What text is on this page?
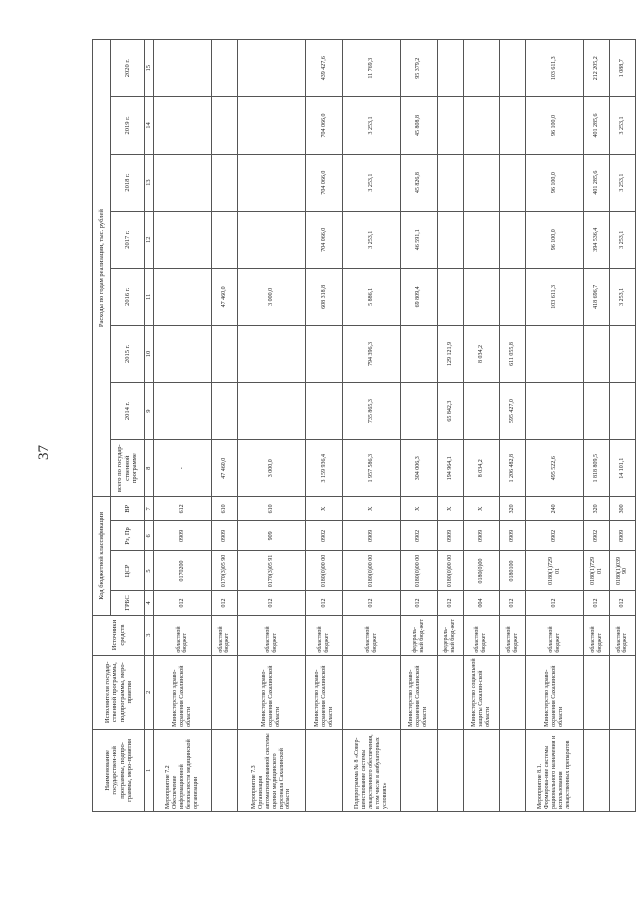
37
Наименование государствен-ной программы, подпро-граммы, меро-приятия	Исполнители государ-ственной программы, подпрограммы, меро-приятия	Источники средств	Код бюджетной классификации				Расходы по годам реализации, тыс. рублей							
			ГРБС	ЦСР	Рз, Пр	ВР	всего по государ-ственной программе	2014 г.	2015 г.	2016 г.	2017 г.	2018 г.	2019 г.	2020 г.
1	2	3	4	5	6	7	8	9	10	11	12	13	14	15
Мероприятие 7.2 Обеспечение информационной безопасности медицинской организации	Министерство здраво-охранения Сахалинской области	областной бюджет	012	0170200	0909	612	-							
		областной бюджет	012	0170(3)05 90	0909	610	47 460,0			47 460,0				
Мероприятие 7.3 Организация автоматизированной системы оценки медицинского персонала Сахалинской области	Министерство здраво-охранения Сахалинской области	областной бюджет	012	0170(3)05 91	909	610	3 000,0			3 000,0				
	Министерство здраво-охранения Сахалинской области	областной бюджет	012	0180(0)00 00	0902	X	3 159 936,4			608 318,8	704 066,0	704 066,0	704 066,0	439 427,6
Подпрограмма № 8 «Совер-шенствование системы лекарственного обеспечения, в том числе в амбулаторных условиях»		областной бюджет	012	0180(0)00 00	0909	X	1 957 586,3	735 865,3	794 396,3	5 886,1	3 253,1	3 253,1	3 253,1	11 769,3
	Министерство здраво-охранения Сахалинской области	федераль-ный бюд-жет	012	0180(0)00 00	0902	X	304 006,3			69 809,4	46 591,1	45 826,8	45 808,8	95 379,2
		федераль-ный бюд-жет	012	0180(0)00 00	0909	X	194 964,1	65 842,3	129 121,9					
	Министерство социальной защиты Сахалин-ской области	областной бюджет	004	0180(0)00	0909	X	8 034,2		8 034,2					
		областной бюджет	012	0180100	0909	320	1 206 482,8	595 427,0	611 055,8					
Мероприятие 8.1. Формирова-ние системы рационального назначения и использования лекарственных препаратов	Министерство здраво-охранения Сахалинской области	областной бюджет	012	0180(1)729 01	0902	240	495 522,6			103 611,3	96 100,0	96 100,0	96 100,0	103 611,3
		областной бюджет	012	0180(1)729 01	0902	320	1 818 809,5			418 696,7	394 536,4	401 285,6	401 285,6	212 205,2
		областной бюджет	012	0180(1)039 90	0909	300	14 101,1			3 253,1	3 253,1	3 253,1	3 253,1	1 088,7
